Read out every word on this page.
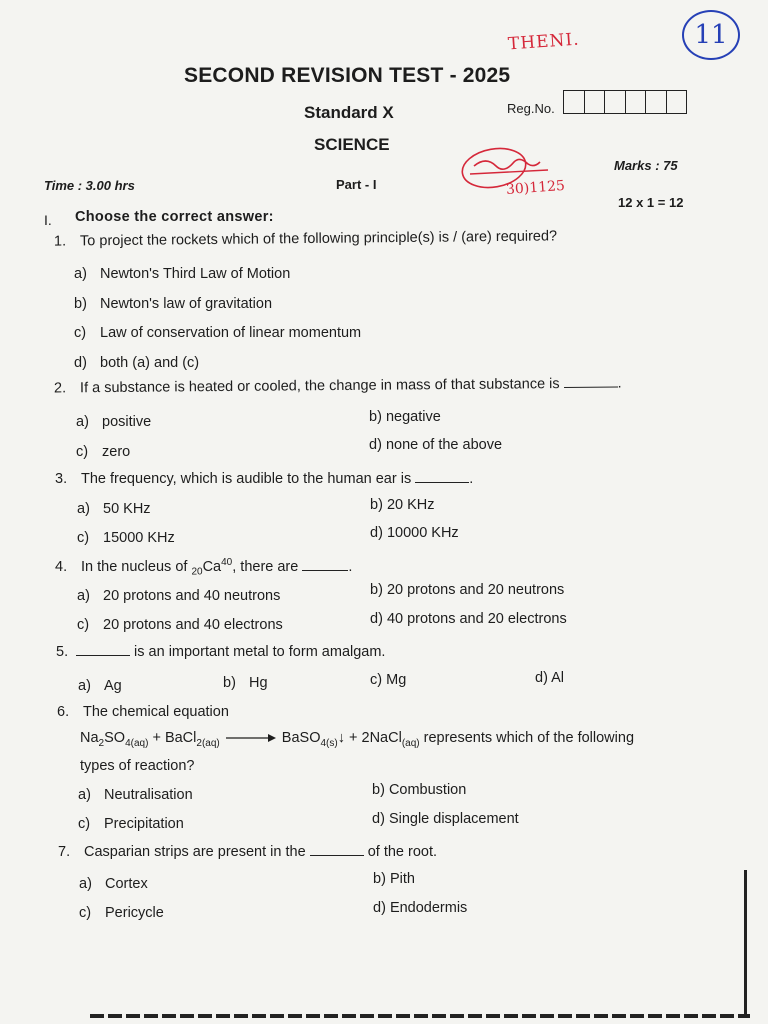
SECOND REVISION TEST - 2025
Standard X
SCIENCE
Reg.No.
Time : 3.00 hrs	Part - I
Marks : 75
12 x 1 = 12
THENI.	11
30)1125
I. Choose the correct answer:
1. To project the rockets which of the following principle(s) is / (are) required?
a) Newton's Third Law of Motion
b) Newton's law of gravitation
c) Law of conservation of linear momentum
d) both (a) and (c)
2. If a substance is heated or cooled, the change in mass of that substance is	.
a) positive	b) negative
c) zero	d) none of the above
3. The frequency, which is audible to the human ear is	.
a) 50 KHz	b) 20 KHz
c) 15000 KHz	d) 10000 KHz
4. In the nucleus of $_{20}Ca^{40}$, there are	.
a) 20 protons and 40 neutrons	b) 20 protons and 20 neutrons
c) 20 protons and 40 electrons	d) 40 protons and 20 electrons
5.	is an important metal to form amalgam.
a) Ag	b) Hg	c) Mg	d) Al
6. The chemical equation
$Na_2SO_{4(aq)}$ + BaCl$_{2(aq)}$ → BaSO$_{4(s)}$↓ + 2NaCl$_{(aq)}$ represents which of the following
types of reaction?
a) Neutralisation	b) Combustion
c) Precipitation	d) Single displacement
7. Casparian strips are present in the	of the root.
a) Cortex	b) Pith
c) Pericycle	d) Endodermis
